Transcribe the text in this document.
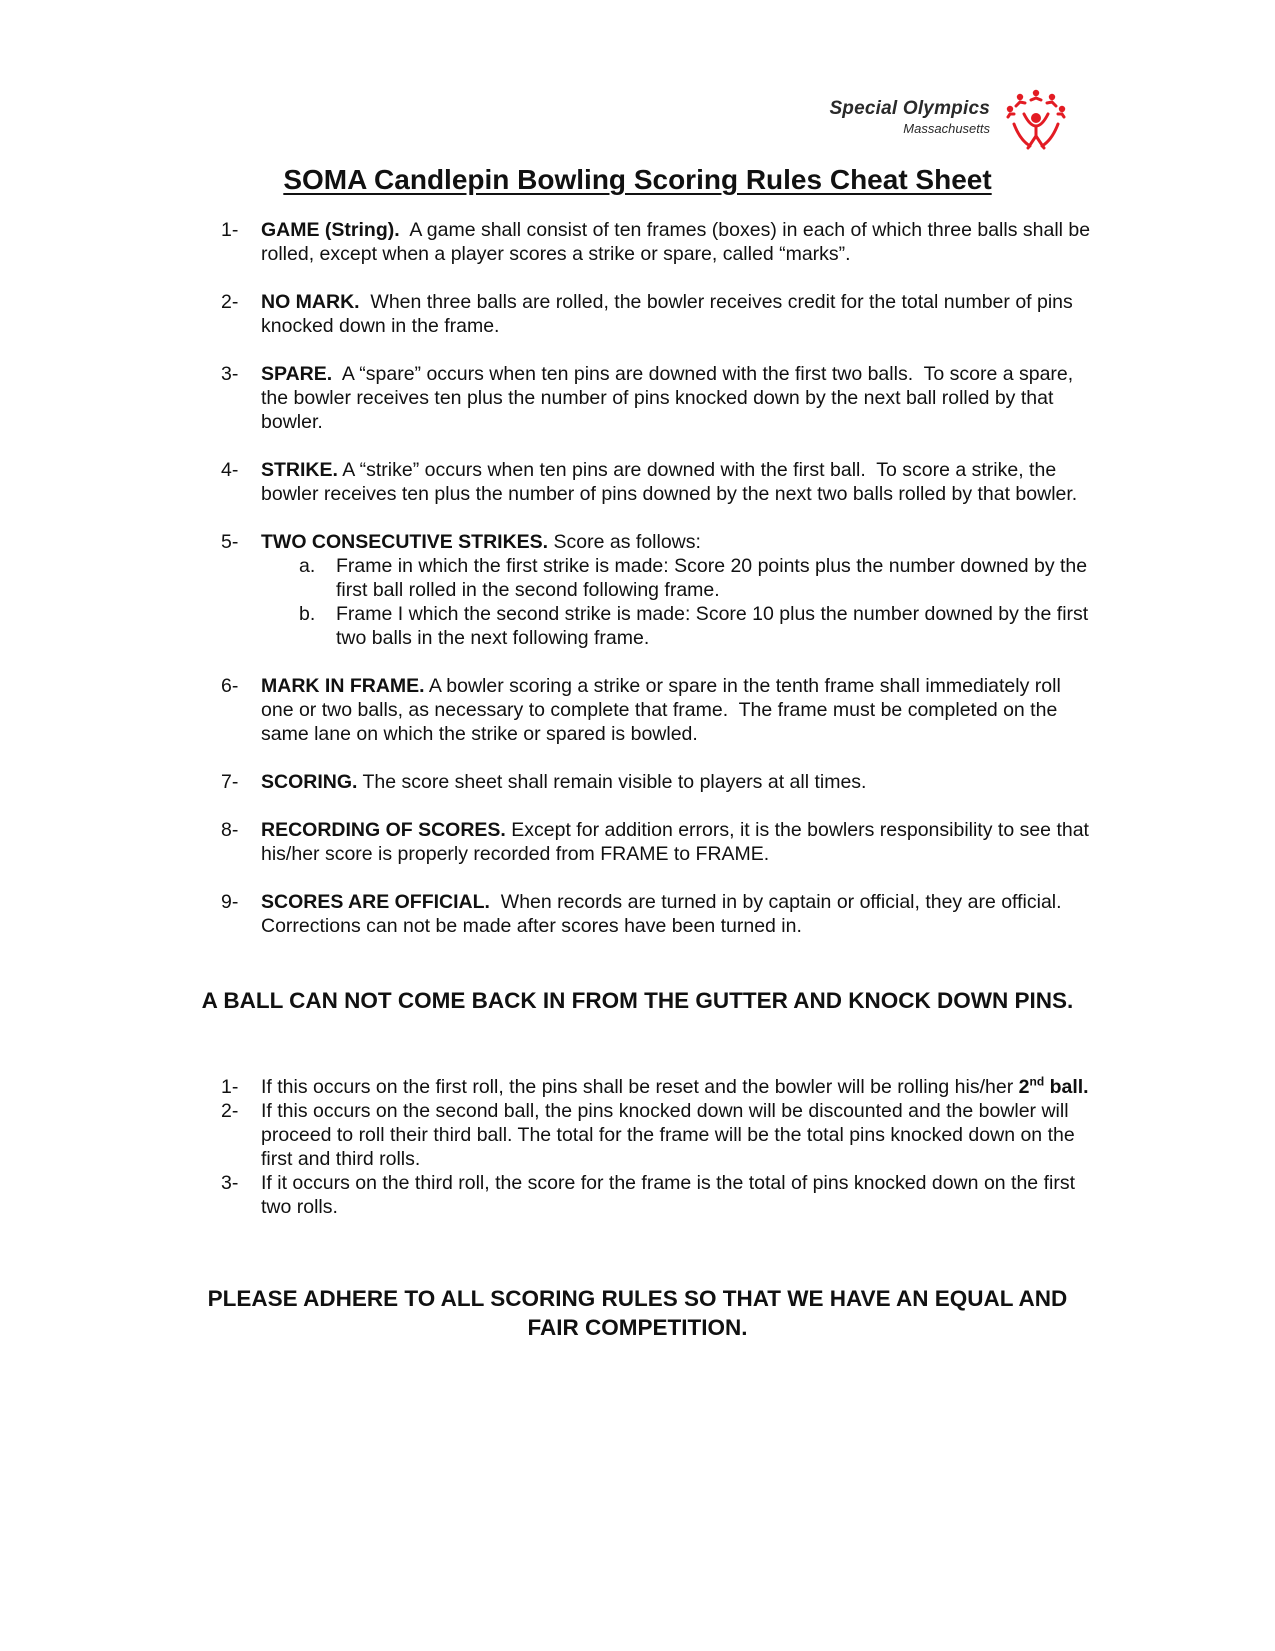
Special Olympics
Massachusetts
SOMA Candlepin Bowling Scoring Rules Cheat Sheet
1- GAME (String).  A game shall consist of ten frames (boxes) in each of which three balls shall be rolled, except when a player scores a strike or spare, called “marks”.
2- NO MARK.  When three balls are rolled, the bowler receives credit for the total number of pins knocked down in the frame.
3- SPARE.  A “spare” occurs when ten pins are downed with the first two balls.  To score a spare, the bowler receives ten plus the number of pins knocked down by the next ball rolled by that bowler.
4- STRIKE. A “strike” occurs when ten pins are downed with the first ball.  To score a strike, the bowler receives ten plus the number of pins downed by the next two balls rolled by that bowler.
5- TWO CONSECUTIVE STRIKES. Score as follows:
a. Frame in which the first strike is made: Score 20 points plus the number downed by the first ball rolled in the second following frame.
b. Frame I which the second strike is made: Score 10 plus the number downed by the first two balls in the next following frame.
6- MARK IN FRAME. A bowler scoring a strike or spare in the tenth frame shall immediately roll one or two balls, as necessary to complete that frame.  The frame must be completed on the same lane on which the strike or spared is bowled.
7- SCORING. The score sheet shall remain visible to players at all times.
8- RECORDING OF SCORES. Except for addition errors, it is the bowlers responsibility to see that his/her score is properly recorded from FRAME to FRAME.
9- SCORES ARE OFFICIAL.  When records are turned in by captain or official, they are official.  Corrections can not be made after scores have been turned in.
A BALL CAN NOT COME BACK IN FROM THE GUTTER AND KNOCK DOWN PINS.
1- If this occurs on the first roll, the pins shall be reset and the bowler will be rolling his/her 2nd ball.
2- If this occurs on the second ball, the pins knocked down will be discounted and the bowler will proceed to roll their third ball. The total for the frame will be the total pins knocked down on the first and third rolls.
3- If it occurs on the third roll, the score for the frame is the total of pins knocked down on the first two rolls.
PLEASE ADHERE TO ALL SCORING RULES SO THAT WE HAVE AN EQUAL AND FAIR COMPETITION.
